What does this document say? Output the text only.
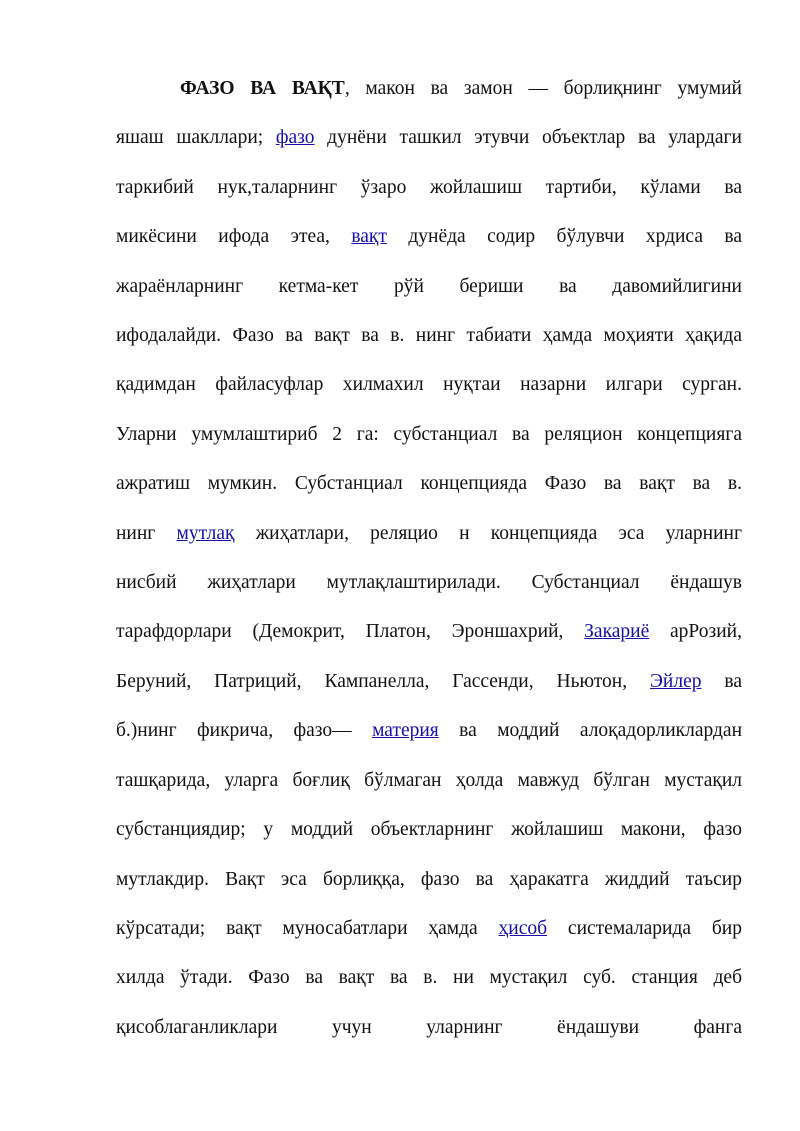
ФАЗО ВА ВАҚТ, макон ва замон — борлиқнинг умумий
яшаш шакллари; фазо дунёни ташкил этувчи объектлар ва улардаги
таркибий нук,таларнинг ўзаро жойлашиш тартиби, кўлами ва
микёсини ифода этеа, вақт дунёда содир бўлувчи хрдиса ва
жараёнларнинг кетма-кет рўй бериши ва давомийлигини
ифодалайди. Фазо ва вақт ва в. нинг табиати ҳамда моҳияти ҳақида
қадимдан файласуфлар хилмахил нуқтаи назарни илгари сурган.
Уларни умумлаштириб 2 га: субстанциал ва реляцион концепцияга
ажратиш мумкин. Субстанциал концепцияда Фазо ва вақт ва в.
нинг мутлақ жиҳатлари, реляцио н концепцияда эса уларнинг
нисбий жиҳатлари мутлақлаштирилади. Субстанциал ёндашув
тарафдорлари (Демокрит, Платон, Эроншахрий, Закариё арРозий,
Беруний, Патриций, Кампанелла, Гассенди, Ньютон, Эйлер ва
б.)нинг фикрича, фазо— материя ва моддий алоқадорликлардан
ташқарида, уларга боғлиқ бўлмаган ҳолда мавжуд бўлган мустақил
субстанциядир; у моддий объектларнинг жойлашиш макони, фазо
мутлакдир. Вақт эса борлиққа, фазо ва ҳаракатга жиддий таъсир
кўрсатади; вақт муносабатлари ҳамда ҳисоб системаларида бир
хилда ўтади. Фазо ва вақт ва в. ни мустақил суб. станция деб
қисоблаганликлари учун уларнинг ёндашуви фанга
